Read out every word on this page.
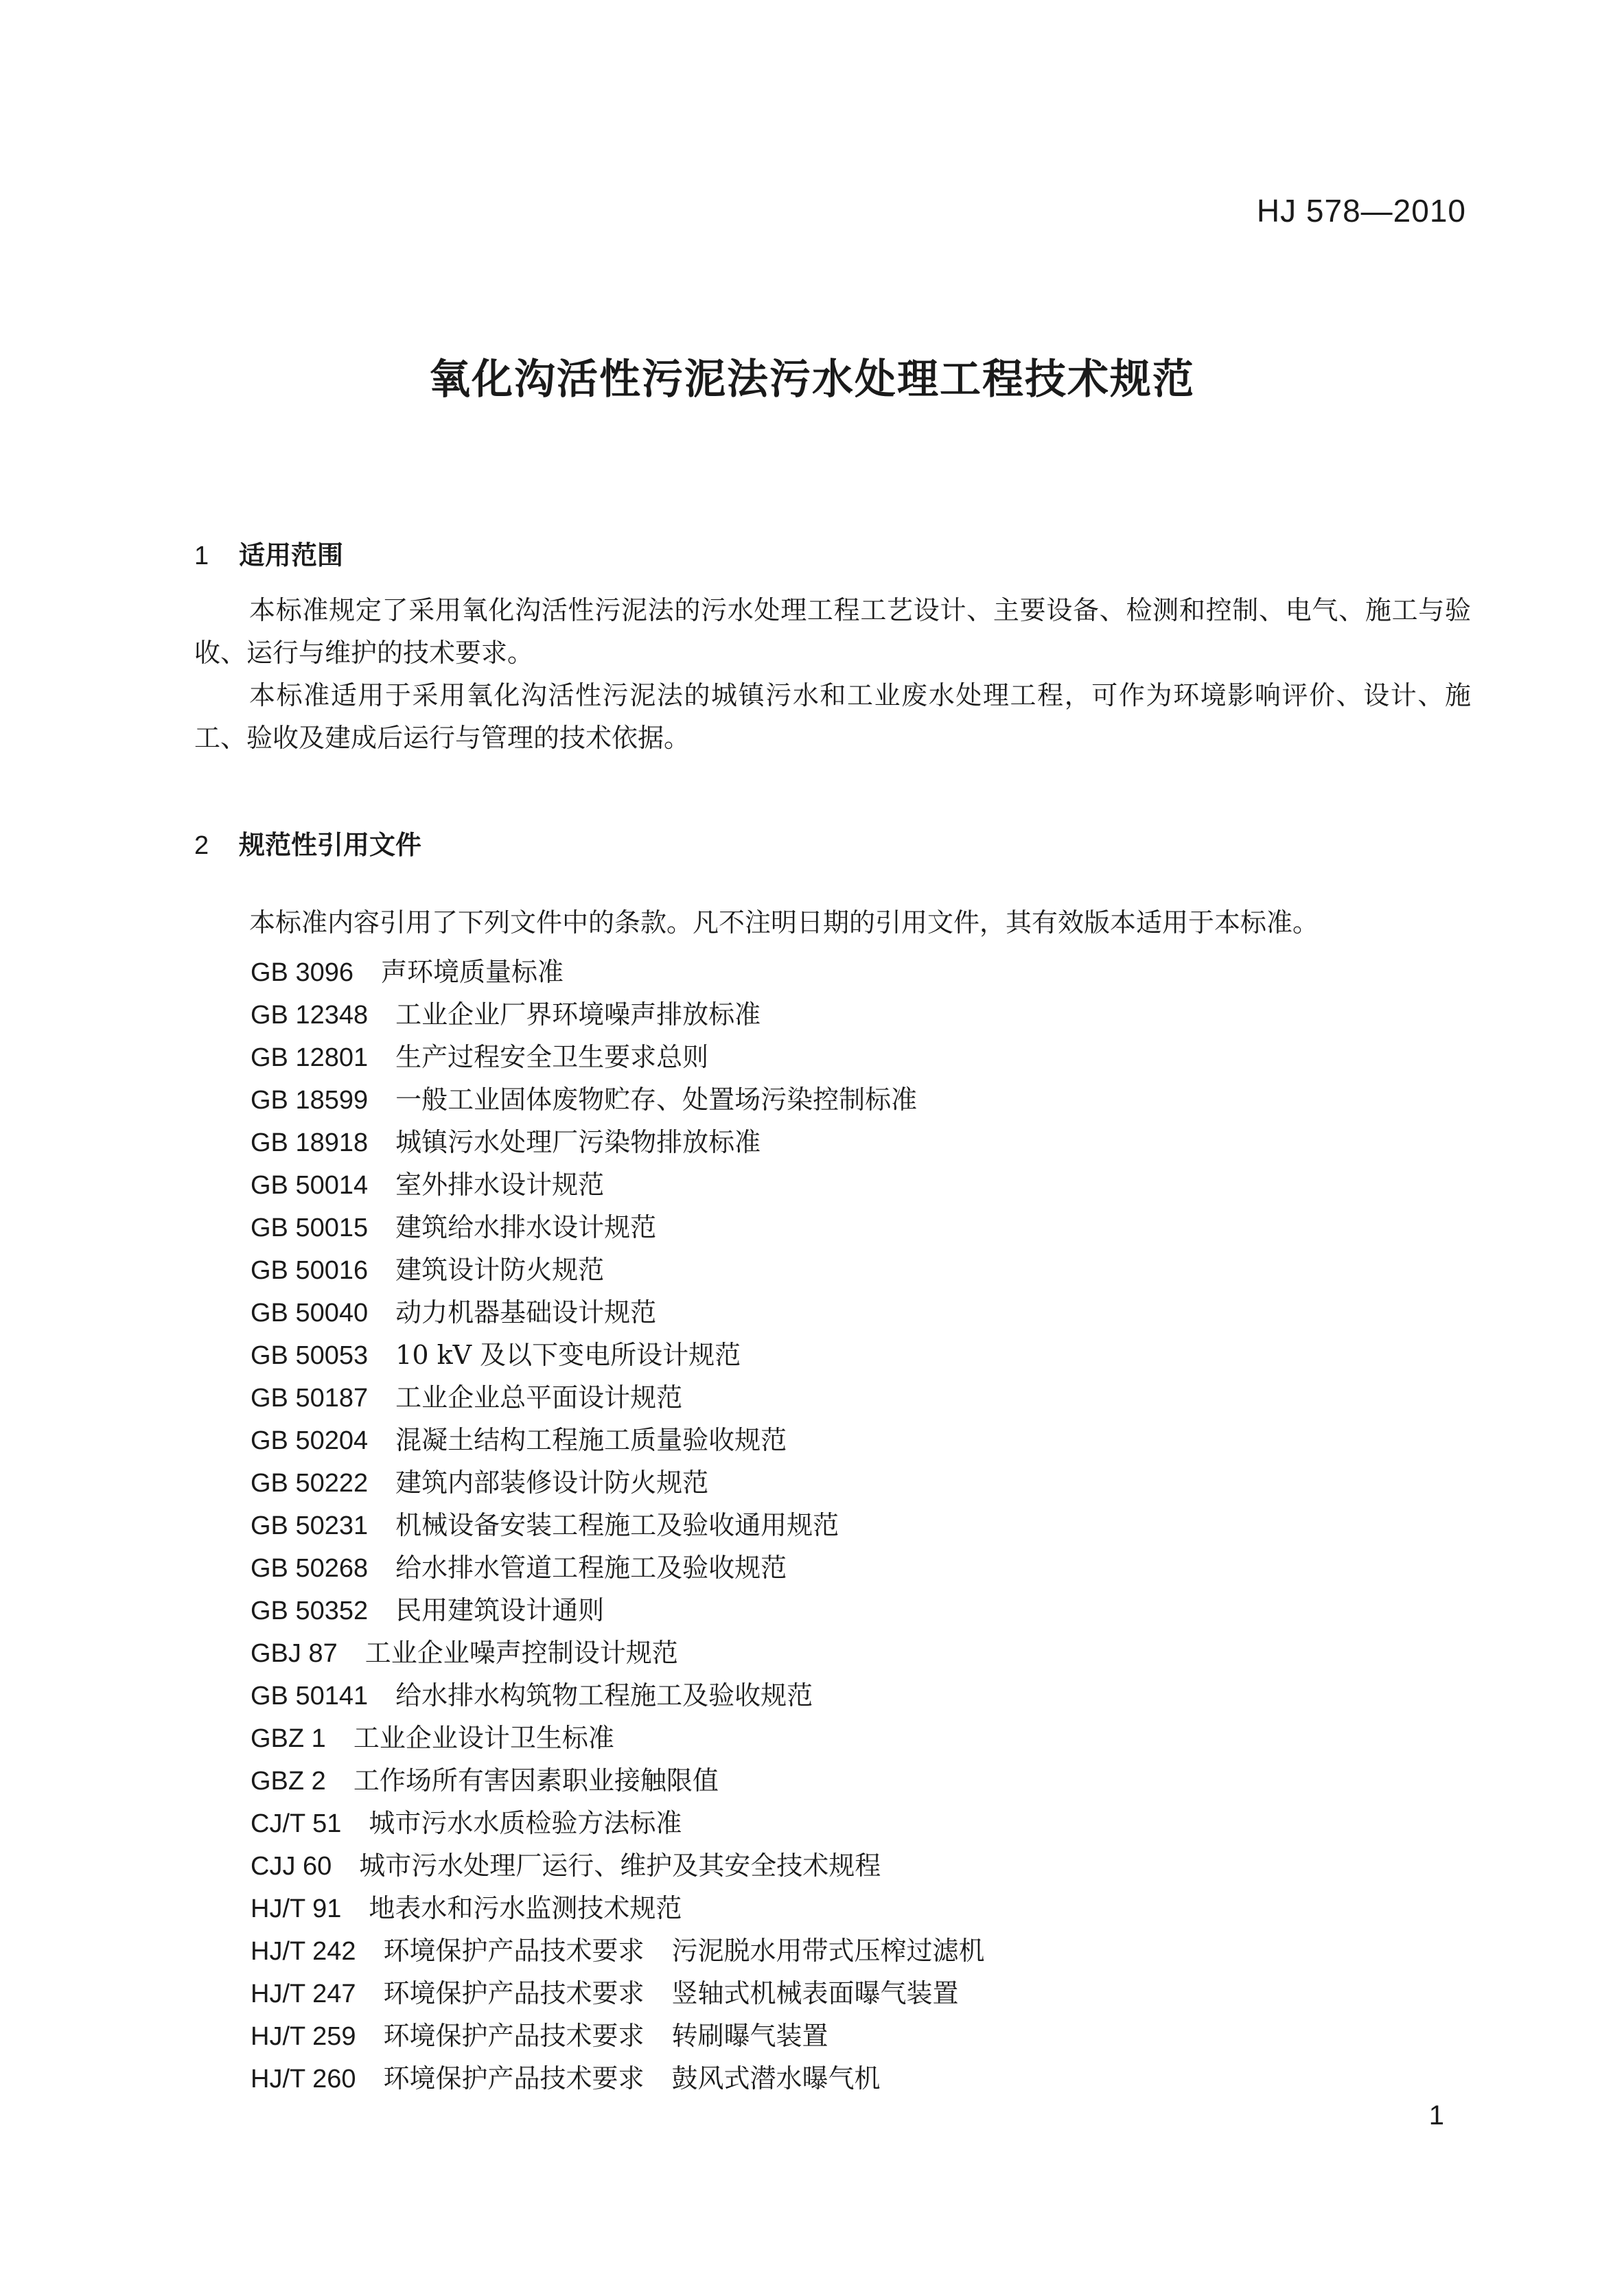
HJ 578—2010
氧化沟活性污泥法污水处理工程技术规范
1 适用范围

本标准规定了采用氧化沟活性污泥法的污水处理工程工艺设计、主要设备、检测和控制、电气、施工与验收、运行与维护的技术要求。

本标准适用于采用氧化沟活性污泥法的城镇污水和工业废水处理工程，可作为环境影响评价、设计、施工、验收及建成后运行与管理的技术依据。

2 规范性引用文件

本标准内容引用了下列文件中的条款。凡不注明日期的引用文件，其有效版本适用于本标准。

GB 3096 声环境质量标准
GB 12348 工业企业厂界环境噪声排放标准
GB 12801 生产过程安全卫生要求总则
GB 18599 一般工业固体废物贮存、处置场污染控制标准
GB 18918 城镇污水处理厂污染物排放标准
GB 50014 室外排水设计规范
GB 50015 建筑给水排水设计规范
GB 50016 建筑设计防火规范
GB 50040 动力机器基础设计规范
GB 50053 10 kV 及以下变电所设计规范
GB 50187 工业企业总平面设计规范
GB 50204 混凝土结构工程施工质量验收规范
GB 50222 建筑内部装修设计防火规范
GB 50231 机械设备安装工程施工及验收通用规范
GB 50268 给水排水管道工程施工及验收规范
GB 50352 民用建筑设计通则
GBJ 87 工业企业噪声控制设计规范
GB 50141 给水排水构筑物工程施工及验收规范
GBZ 1 工业企业设计卫生标准
GBZ 2 工作场所有害因素职业接触限值
CJ/T 51 城市污水水质检验方法标准
CJJ 60 城市污水处理厂运行、维护及其安全技术规程
HJ/T 91 地表水和污水监测技术规范
HJ/T 242 环境保护产品技术要求 污泥脱水用带式压榨过滤机
HJ/T 247 环境保护产品技术要求 竖轴式机械表面曝气装置
HJ/T 259 环境保护产品技术要求 转刷曝气装置
HJ/T 260 环境保护产品技术要求 鼓风式潜水曝气机
1
